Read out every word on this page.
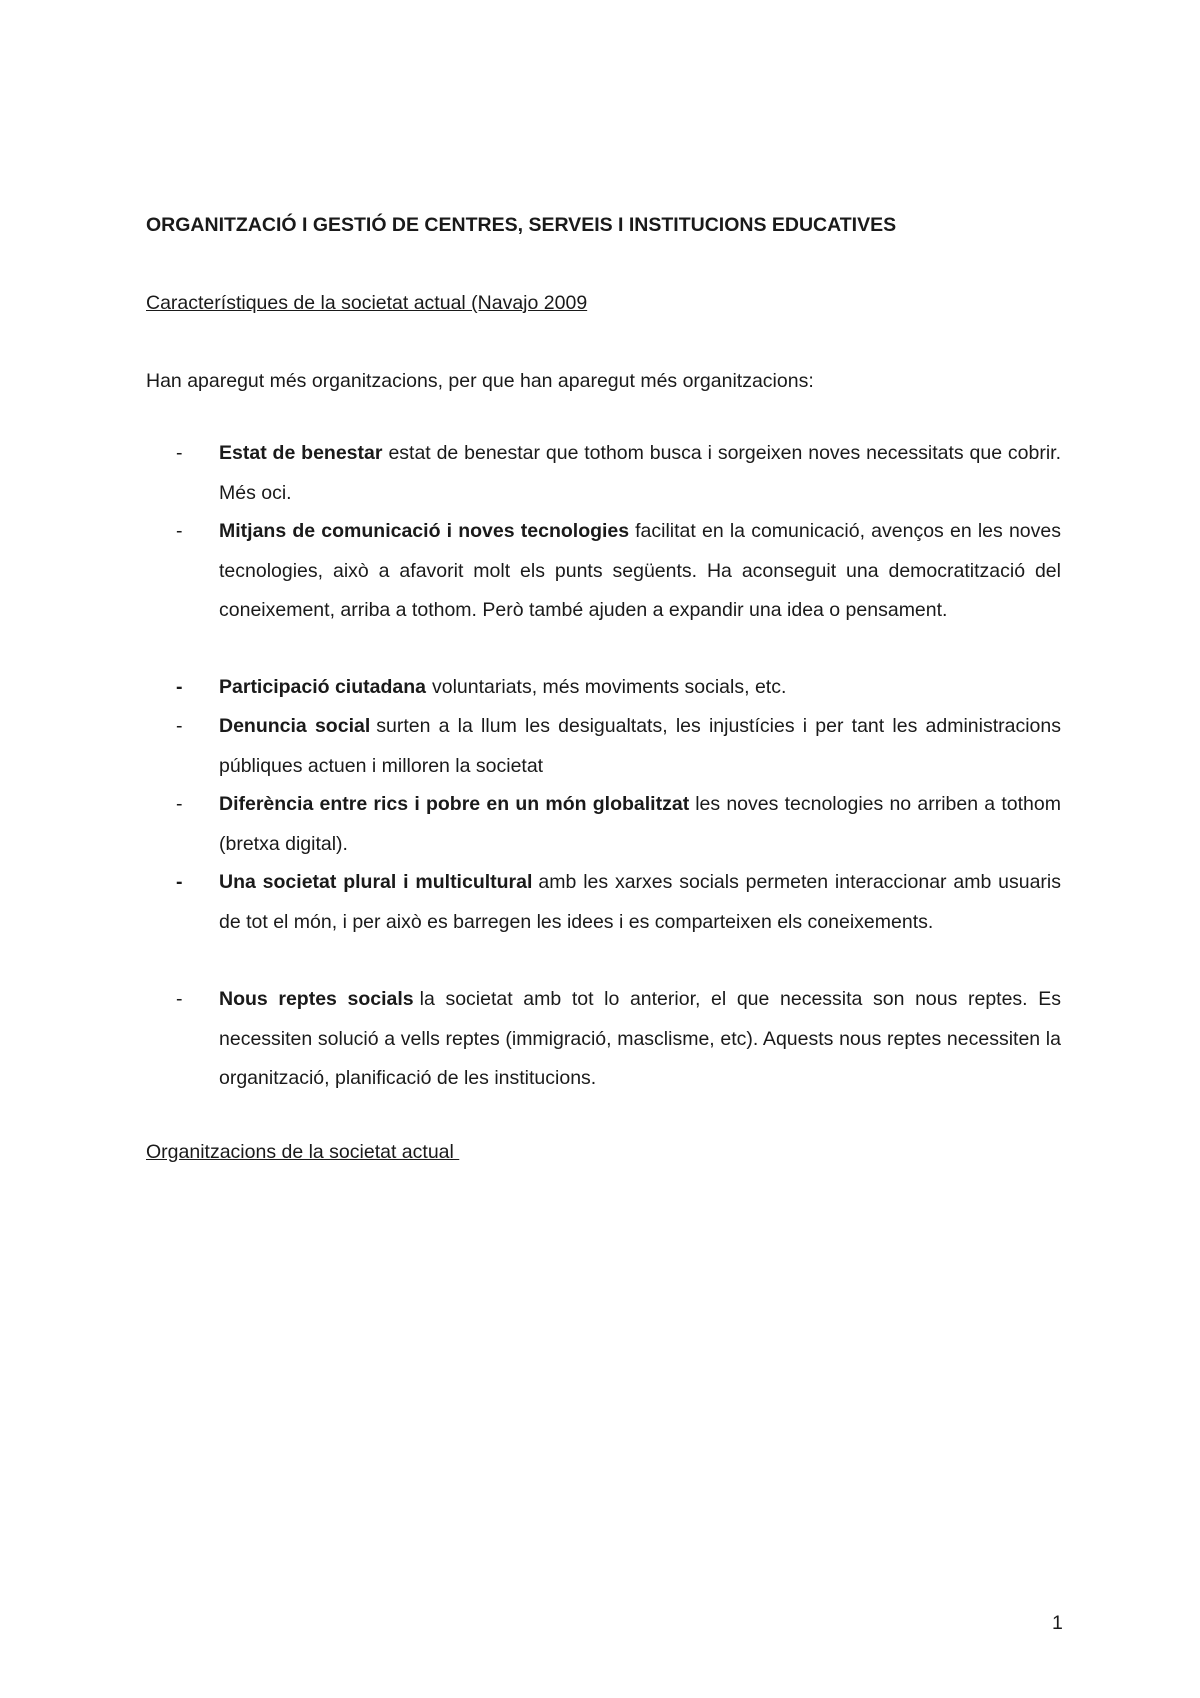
ORGANITZACIÓ I GESTIÓ DE CENTRES, SERVEIS I INSTITUCIONS EDUCATIVES

Característiques de la societat actual (Navajo 2009

Han aparegut més organitzacions, per que han aparegut més organitzacions:

-	Estat de benestar estat de benestar que tothom busca i sorgeixen noves necessitats que cobrir. Més oci.

-	Mitjans de comunicació i noves tecnologies facilitat en la comunicació, avenços en les noves tecnologies, això a afavorit molt els punts següents. Ha aconseguit una democratització del coneixement, arriba a tothom. Però també ajuden a expandir una idea o pensament.

-	Participació ciutadana voluntariats, més moviments socials, etc.

-	Denuncia social surten a la llum les desigualtats, les injustícies i per tant les administracions públiques actuen i milloren la societat

-	Diferència entre rics i pobre en un món globalitzat les noves tecnologies no arriben a tothom (bretxa digital).

-	Una societat plural i multicultural amb les xarxes socials permeten interaccionar amb usuaris de tot el món, i per això es barregen les idees i es comparteixen els coneixements.

-	Nous reptes socials la societat amb tot lo anterior, el que necessita son nous reptes. Es necessiten solució a vells reptes (immigració, masclisme, etc). Aquests nous reptes necessiten la organització, planificació de les institucions.

Organitzacions de la societat actual

1
